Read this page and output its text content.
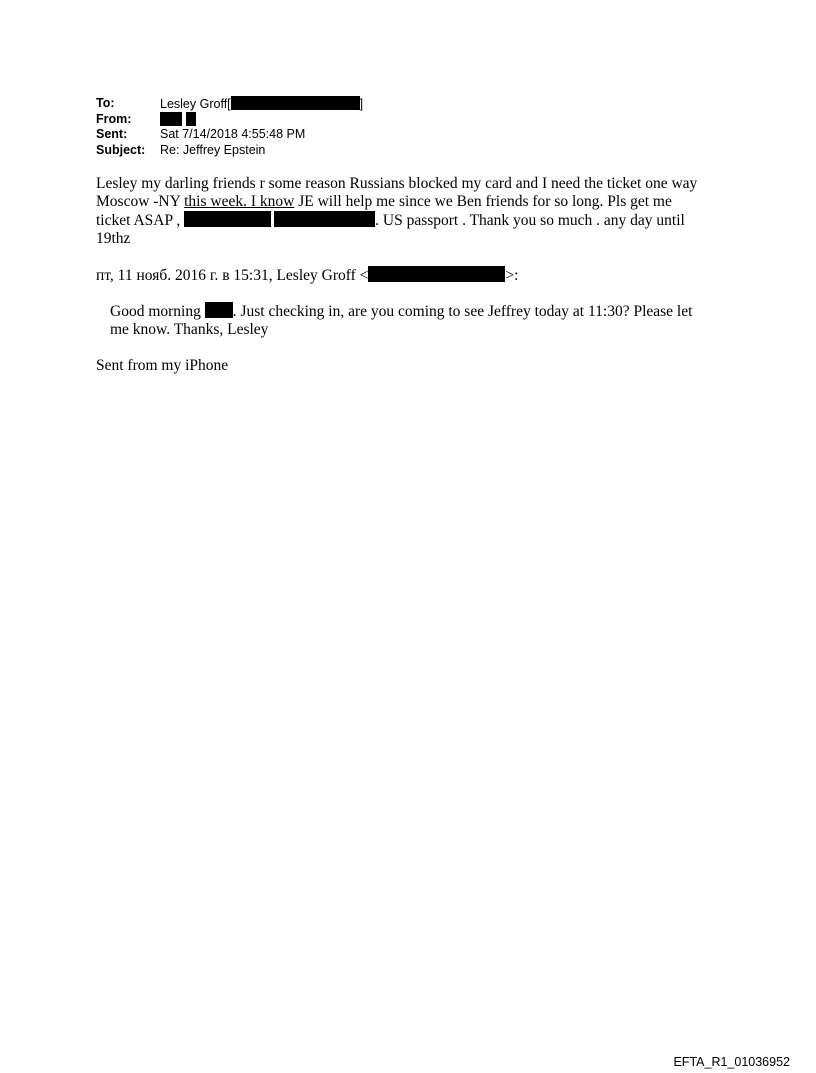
To:	Lesley Groff[	]
From:
Sent:	Sat 7/14/2018 4:55:48 PM
Subject: Re: Jeffrey Epstein
Lesley my darling friends r some reason Russians blocked my card and I need the ticket one way
Moscow -NY this week. I know JE will help me since we Ben friends for so long. Pls get me
ticket ASAP ,	. US passport . Thank you so much . any day until
19thz
пт, 11 нояб. 2016 г. в 15:31, Lesley Groff <	>:
Good morning . Just checking in, are you coming to see Jeffrey today at 11:30? Please let
me know. Thanks, Lesley
Sent from my iPhone
EFTA_R1_01036952
